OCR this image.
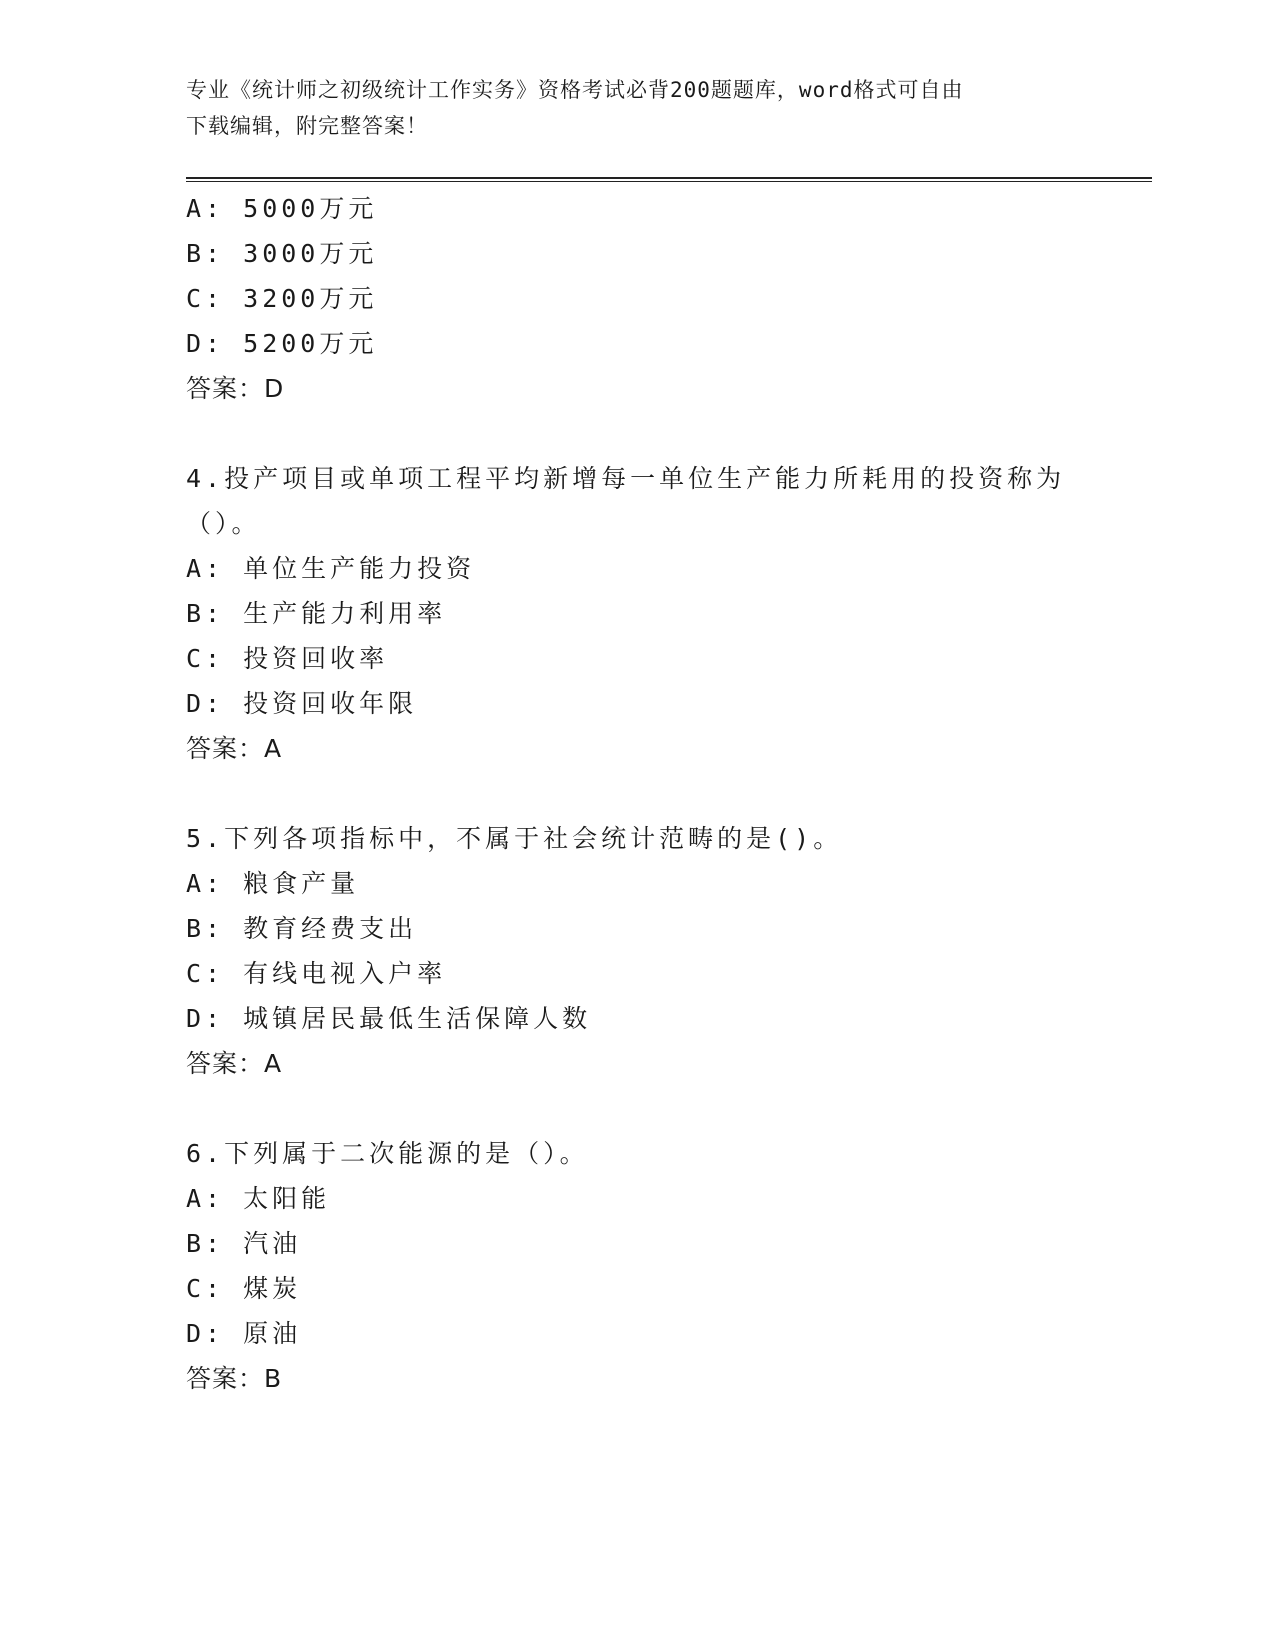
专业《统计师之初级统计工作实务》资格考试必背200题题库，word格式可自由
下载编辑，附完整答案！
A: 5000万元
B: 3000万元
C: 3200万元
D: 5200万元
答案：D
4.投产项目或单项工程平均新增每一单位生产能力所耗用的投资称为
（）。
A: 单位生产能力投资
B: 生产能力利用率
C: 投资回收率
D: 投资回收年限
答案：A
5.下列各项指标中，不属于社会统计范畴的是()。
A: 粮食产量
B: 教育经费支出
C: 有线电视入户率
D: 城镇居民最低生活保障人数
答案：A
6.下列属于二次能源的是（）。
A: 太阳能
B: 汽油
C: 煤炭
D: 原油
答案：B
